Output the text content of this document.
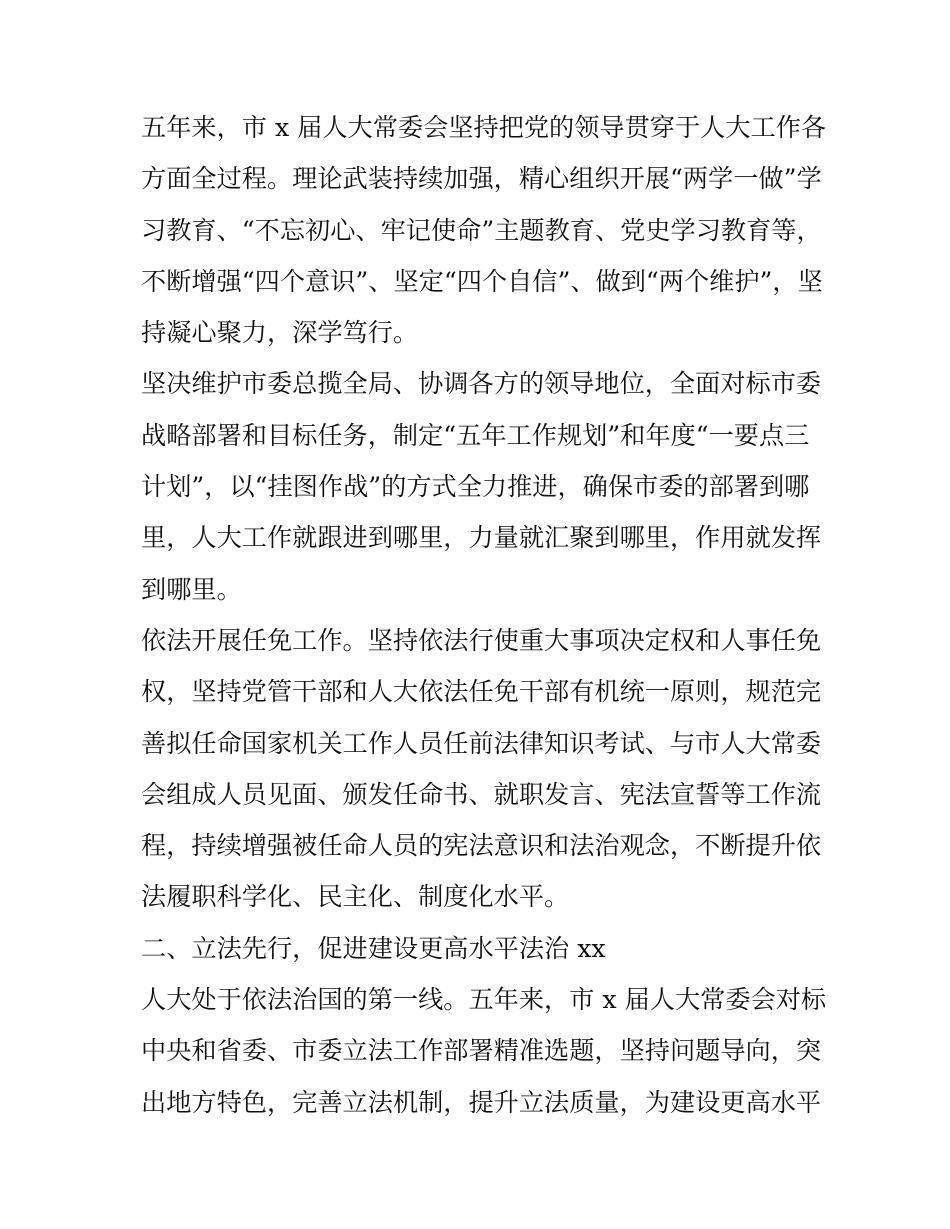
五年来，市 x 届人大常委会坚持把党的领导贯穿于人大工作各
方面全过程。理论武装持续加强，精心组织开展“两学一做”学
习教育、“不忘初心、牢记使命”主题教育、党史学习教育等，
不断增强“四个意识”、坚定“四个自信”、做到“两个维护”，坚
持凝心聚力，深学笃行。
坚决维护市委总揽全局、协调各方的领导地位，全面对标市委
战略部署和目标任务，制定“五年工作规划”和年度“一要点三
计划”，以“挂图作战”的方式全力推进，确保市委的部署到哪
里，人大工作就跟进到哪里，力量就汇聚到哪里，作用就发挥
到哪里。
依法开展任免工作。坚持依法行使重大事项决定权和人事任免
权，坚持党管干部和人大依法任免干部有机统一原则，规范完
善拟任命国家机关工作人员任前法律知识考试、与市人大常委
会组成人员见面、颁发任命书、就职发言、宪法宣誓等工作流
程，持续增强被任命人员的宪法意识和法治观念，不断提升依
法履职科学化、民主化、制度化水平。
二、立法先行，促进建设更高水平法治 xx
人大处于依法治国的第一线。五年来，市 x 届人大常委会对标
中央和省委、市委立法工作部署精准选题，坚持问题导向，突
出地方特色，完善立法机制，提升立法质量，为建设更高水平
